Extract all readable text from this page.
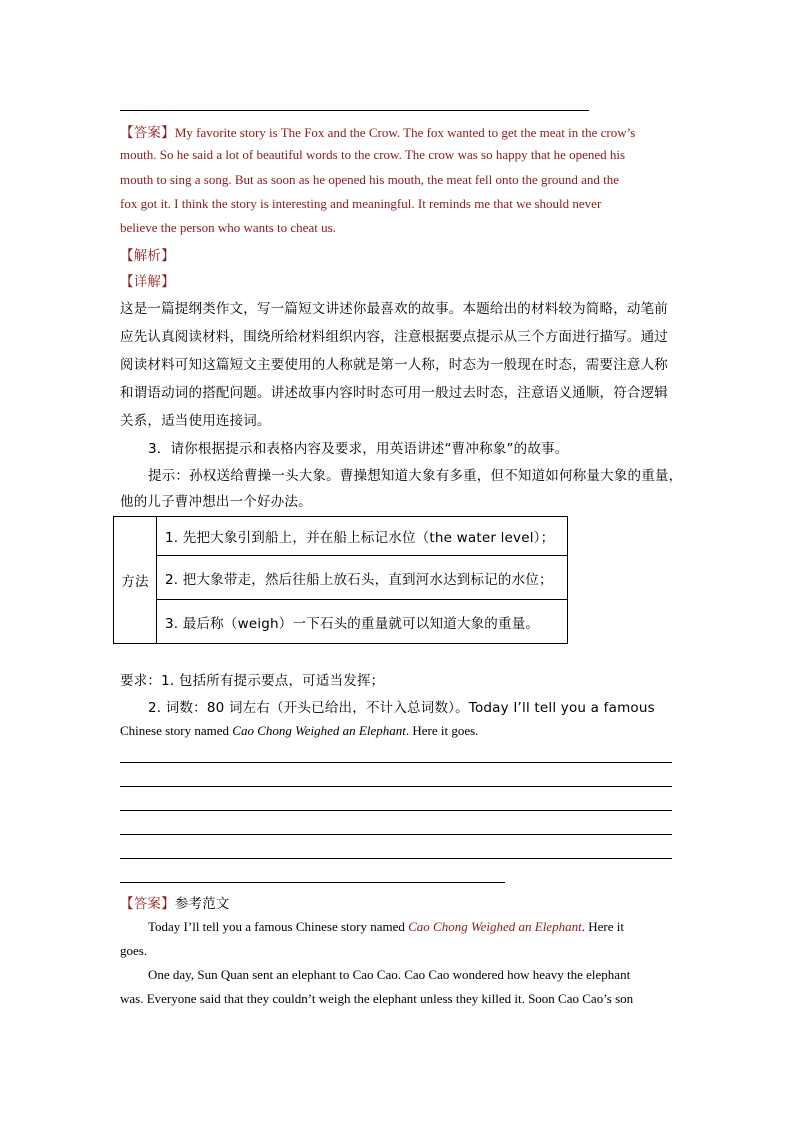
【答案】My favorite story is The Fox and the Crow. The fox wanted to get the meat in the crow’s
mouth. So he said a lot of beautiful words to the crow. The crow was so happy that he opened his
mouth to sing a song. But as soon as he opened his mouth, the meat fell onto the ground and the
fox got it. I think the story is interesting and meaningful. It reminds me that we should never
believe the person who wants to cheat us.
【解析】
【详解】
这是一篇提纲类作文，写一篇短文讲述你最喜欢的故事。本题给出的材料较为简略，动笔前
应先认真阅读材料，围绕所给材料组织内容，注意根据要点提示从三个方面进行描写。通过
阅读材料可知这篇短文主要使用的人称就是第一人称，时态为一般现在时态，需要注意人称
和谓语动词的搭配问题。讲述故事内容时时态可用一般过去时态，注意语义通顺，符合逻辑
关系，适当使用连接词。
3．请你根据提示和表格内容及要求，用英语讲述“曹冲称象”的故事。
提示：孙权送给曹操一头大象。曹操想知道大象有多重，但不知道如何称量大象的重量，
他的儿子曹冲想出一个好办法。
方法
1. 先把大象引到船上，并在船上标记水位（the water level）；
2. 把大象带走，然后往船上放石头，直到河水达到标记的水位；
3. 最后称（weigh）一下石头的重量就可以知道大象的重量。
要求：1. 包括所有提示要点，可适当发挥；
2. 词数：80 词左右（开头已给出，不计入总词数）。Today I’ll tell you a famous
Chinese story named Cao Chong Weighed an Elephant. Here it goes.
【答案】参考范文
Today I’ll tell you a famous Chinese story named Cao Chong Weighed an Elephant. Here it
goes.
One day, Sun Quan sent an elephant to Cao Cao. Cao Cao wondered how heavy the elephant
was. Everyone said that they couldn’t weigh the elephant unless they killed it. Soon Cao Cao’s son
